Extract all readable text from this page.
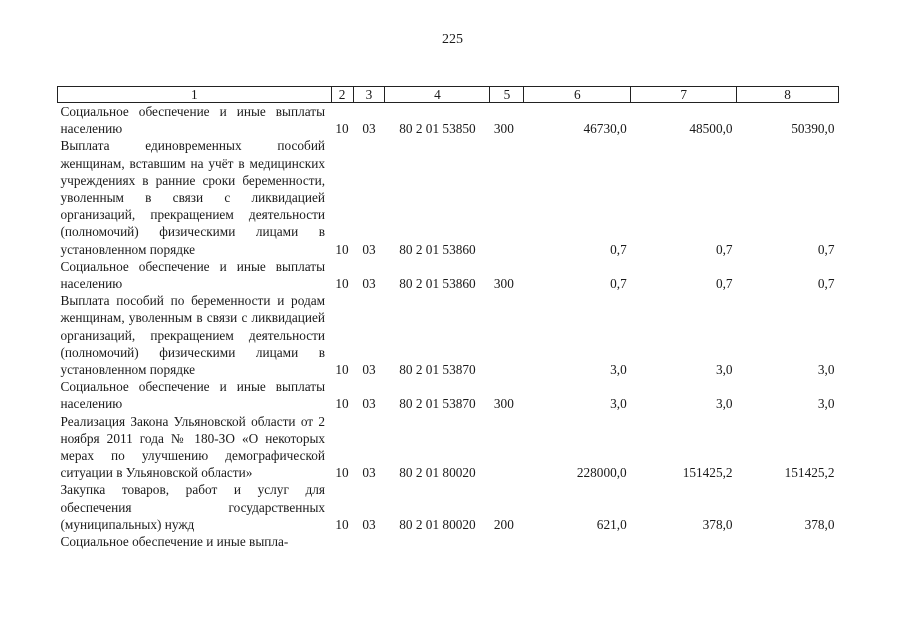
225
1	2	3	4	5	6	7	8
Социальное обеспечение и иные выплаты населению	10	03	80 2 01 53850	300	46730,0	48500,0	50390,0
Выплата единовременных пособий женщинам, вставшим на учёт в медицинских учреждениях в ранние сроки беременности, уволенным в связи с ликвидацией организаций, прекращением деятельности (полномочий) физическими лицами в установленном порядке	10	03	80 2 01 53860		0,7	0,7	0,7
Социальное обеспечение и иные выплаты населению	10	03	80 2 01 53860	300	0,7	0,7	0,7
Выплата пособий по беременности и родам женщинам, уволенным в связи с ликвидацией организаций, прекращением деятельности (полномочий) физическими лицами в установленном порядке	10	03	80 2 01 53870		3,0	3,0	3,0
Социальное обеспечение и иные выплаты населению	10	03	80 2 01 53870	300	3,0	3,0	3,0
Реализация Закона Ульяновской области от 2 ноября 2011 года № 180-ЗО «О некоторых мерах по улучшению демографической ситуации в Ульяновской области»	10	03	80 2 01 80020		228000,0	151425,2	151425,2
Закупка товаров, работ и услуг для обеспечения государственных (муниципальных) нужд	10	03	80 2 01 80020	200	621,0	378,0	378,0
Социальное обеспечение и иные выпла-							
